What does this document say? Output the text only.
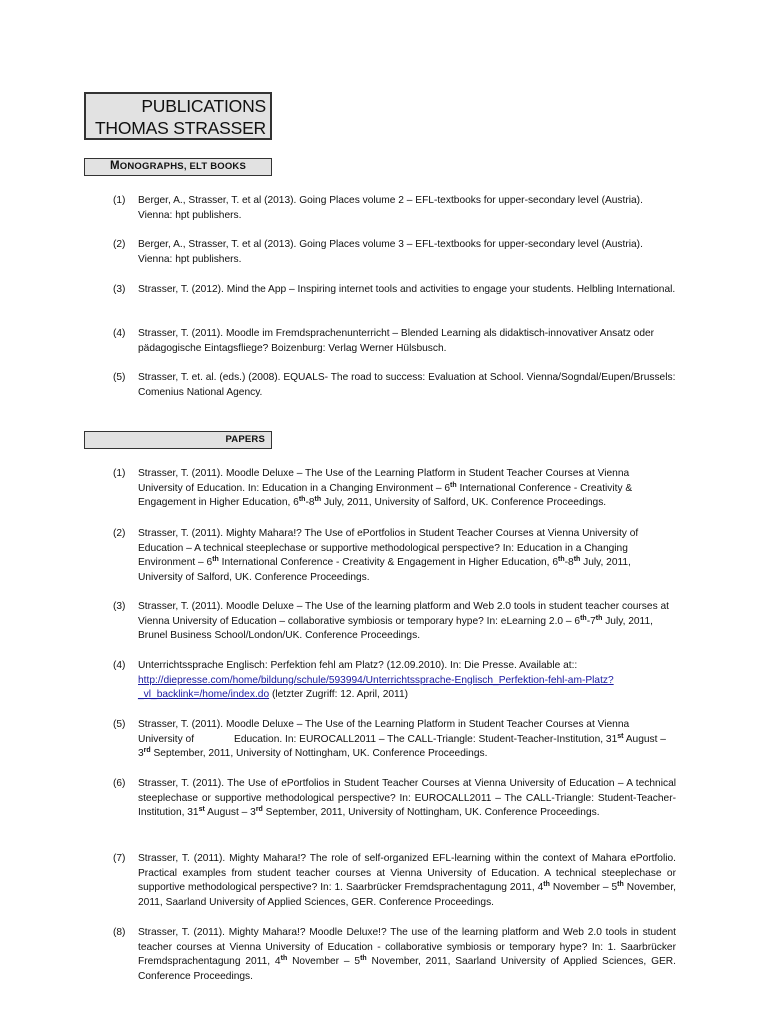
PUBLICATIONS
THOMAS STRASSER
MONOGRAPHS, ELT BOOKS
(1)	Berger, A., Strasser, T. et al (2013). Going Places volume 2 – EFL-textbooks for upper-secondary level (Austria). Vienna: hpt publishers.
(2)	Berger, A., Strasser, T. et al (2013). Going Places volume 3 – EFL-textbooks for upper-secondary level (Austria). Vienna: hpt publishers.
(3)	Strasser, T. (2012). Mind the App – Inspiring internet tools and activities to engage your students. Helbling International.
(4)	Strasser, T. (2011). Moodle im Fremdsprachenunterricht – Blended Learning als didaktisch-innovativer Ansatz oder pädagogische Eintagsfliege? Boizenburg: Verlag Werner Hülsbusch.
(5)	Strasser, T. et. al. (eds.) (2008). EQUALS- The road to success: Evaluation at School. Vienna/Sogndal/Eupen/Brussels: Comenius National Agency.
PAPERS
(1)	Strasser, T. (2011). Moodle Deluxe – The Use of the Learning Platform in Student Teacher Courses at Vienna University of Education. In: Education in a Changing Environment – 6th International Conference - Creativity & Engagement in Higher Education, 6th-8th July, 2011, University of Salford, UK. Conference Proceedings.
(2)	Strasser, T. (2011). Mighty Mahara!? The Use of ePortfolios in Student Teacher Courses at Vienna University of Education – A technical steeplechase or supportive methodological perspective? In: Education in a Changing Environment – 6th International Conference - Creativity & Engagement in Higher Education, 6th-8th July, 2011, University of Salford, UK. Conference Proceedings.
(3)	Strasser, T. (2011). Moodle Deluxe – The Use of the learning platform and Web 2.0 tools in student teacher courses at Vienna University of Education – collaborative symbiosis or temporary hype? In: eLearning 2.0 – 6th-7th July, 2011, Brunel Business School/London/UK. Conference Proceedings.
(4)	Unterrichtssprache Englisch: Perfektion fehl am Platz? (12.09.2010). In: Die Presse. Available at:: http://diepresse.com/home/bildung/schule/593994/Unterrichtssprache-Englisch_Perfektion-fehl-am-Platz?_vl_backlink=/home/index.do (letzter Zugriff: 12. April, 2011)
(5)	Strasser, T. (2011). Moodle Deluxe – The Use of the Learning Platform in Student Teacher Courses at Vienna University of	Education. In: EUROCALL2011 – The CALL-Triangle: Student-Teacher-Institution, 31st August – 3rd September, 2011, University of Nottingham, UK. Conference Proceedings.
(6)	Strasser, T. (2011). The Use of ePortfolios in Student Teacher Courses at Vienna University of Education – A technical steeplechase or supportive methodological perspective? In: EUROCALL2011 – The CALL-Triangle: Student-Teacher-Institution, 31st August – 3rd September, 2011, University of Nottingham, UK. Conference Proceedings.
(7)	Strasser, T. (2011). Mighty Mahara!? The role of self-organized EFL-learning within the context of Mahara ePortfolio. Practical examples from student teacher courses at Vienna University of Education. A technical steeplechase or supportive methodological perspective? In: 1. Saarbrücker Fremdsprachentagung 2011, 4th November – 5th November, 2011, Saarland University of Applied Sciences, GER. Conference Proceedings.
(8)	Strasser, T. (2011). Mighty Mahara!? Moodle Deluxe!? The use of the learning platform and Web 2.0 tools in student teacher courses at Vienna University of Education - collaborative symbiosis or temporary hype? In: 1. Saarbrücker Fremdsprachentagung 2011, 4th November – 5th November, 2011, Saarland University of Applied Sciences, GER. Conference Proceedings.
